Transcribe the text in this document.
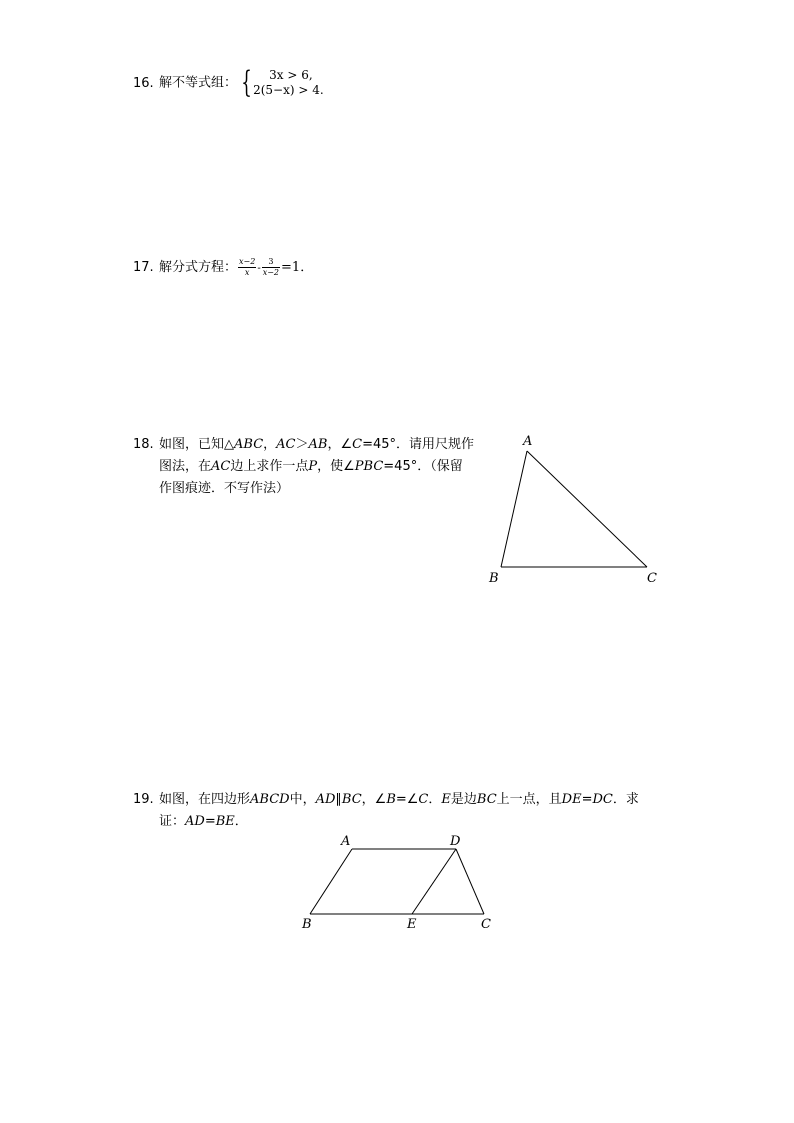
16. 解不等式组： {	3x > 6,
2(5−x) > 4.
17. 解分式方程： $\frac{x-2}{x} - \frac{3}{x-2} =1$．
18. 如图，已知△ABC，AC＞AB，∠C=45°．请用尺规作
图法，在AC边上求作一点P，使∠PBC=45°．（保留
作图痕迹．不写作法）
A
B	C
19. 如图，在四边形ABCD中，AD∥BC，∠B=∠C．E是边BC上一点，且DE=DC．求
证：AD=BE．
A	D
B	E	C
